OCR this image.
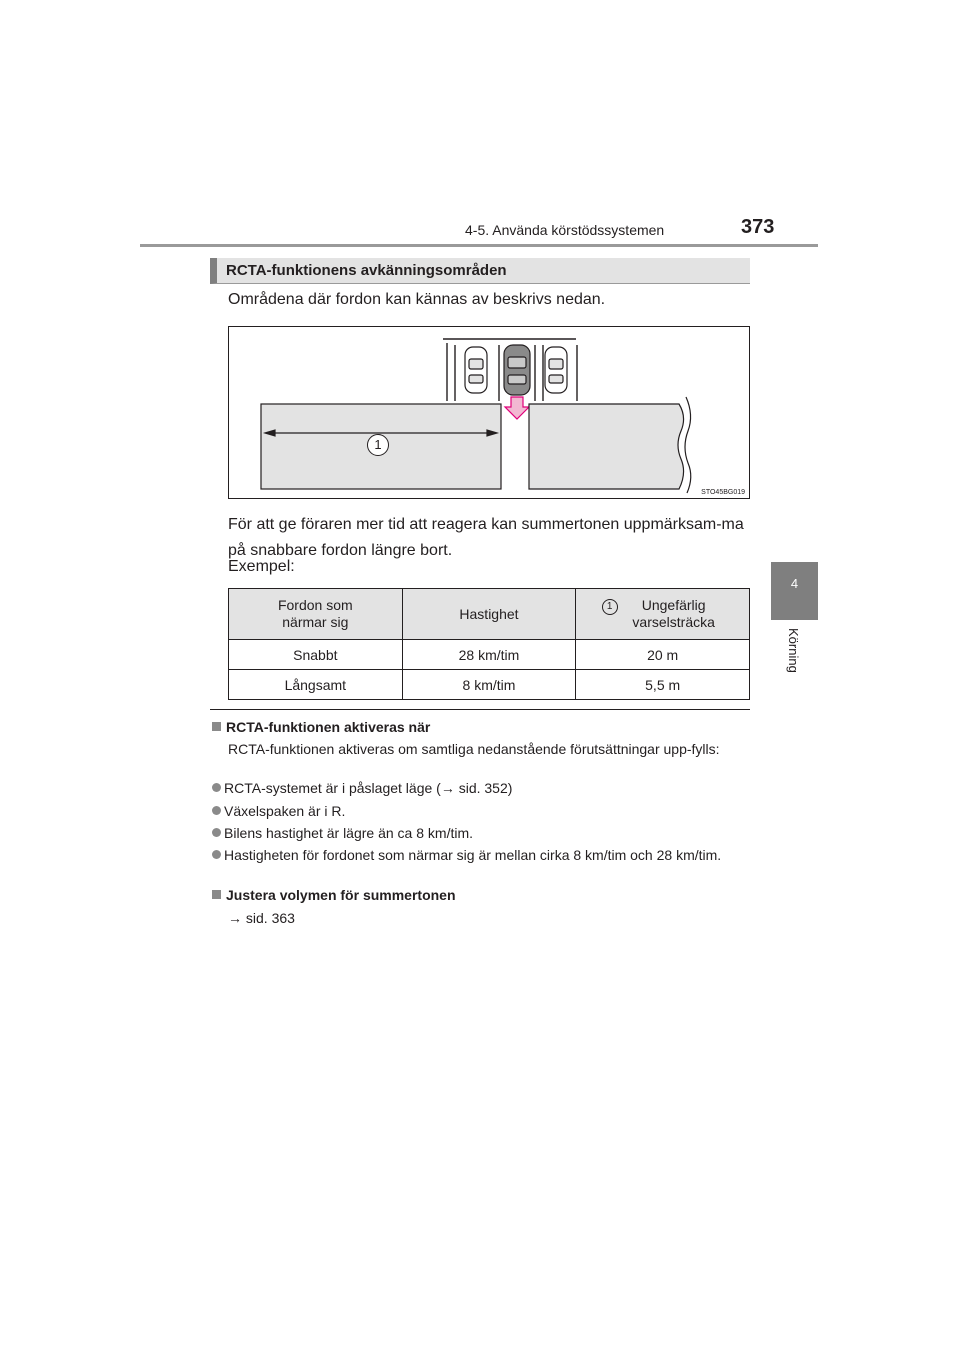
4-5. Använda körstödssystemen	373
4
Körning
RCTA-funktionens avkänningsområden
Områdena där fordon kan kännas av beskrivs nedan.
1
STO45BG019
För att ge föraren mer tid att reagera kan summertonen uppmärksam-ma på snabbare fordon längre bort.
Exempel:
Fordon som närmar sig	Hastighet	1 Ungefärlig varselsträcka
Snabbt	28 km/tim	20 m
Långsamt	8 km/tim	5,5 m
RCTA-funktionen aktiveras när
RCTA-funktionen aktiveras om samtliga nedanstående förutsättningar upp-fylls:
RCTA-systemet är i påslaget läge (→ sid. 352)
Växelspaken är i R.
Bilens hastighet är lägre än ca 8 km/tim.
Hastigheten för fordonet som närmar sig är mellan cirka 8 km/tim och 28 km/tim.
Justera volymen för summertonen
→ sid. 363
